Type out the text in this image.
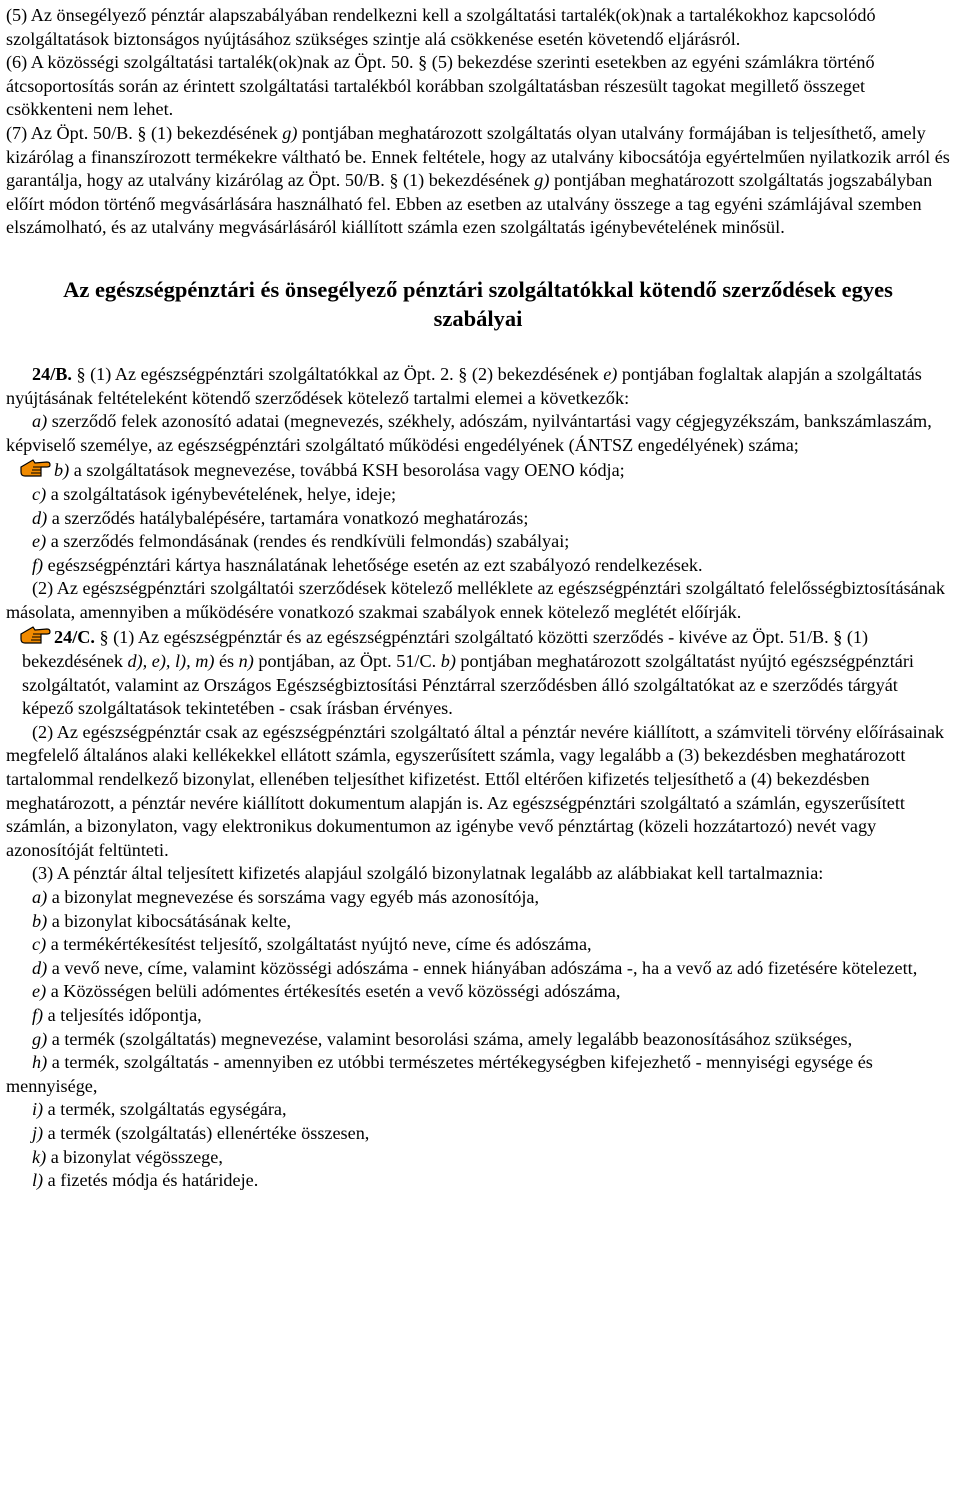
(5) Az önsegélyező pénztár alapszabályában rendelkezni kell a szolgáltatási tartalék(ok)nak a tartalékokhoz kapcsolódó szolgáltatások biztonságos nyújtásához szükséges szintje alá csökkenése esetén követendő eljárásról.

(6) A közösségi szolgáltatási tartalék(ok)nak az Öpt. 50. § (5) bekezdése szerinti esetekben az egyéni számlákra történő átcsoportosítás során az érintett szolgáltatási tartalékból korábban szolgáltatásban részesült tagokat megillető összeget csökkenteni nem lehet.

(7) Az Öpt. 50/B. § (1) bekezdésének g) pontjában meghatározott szolgáltatás olyan utalvány formájában is teljesíthető, amely kizárólag a finanszírozott termékekre váltható be. Ennek feltétele, hogy az utalvány kibocsátója egyértelműen nyilatkozik arról és garantálja, hogy az utalvány kizárólag az Öpt. 50/B. § (1) bekezdésének g) pontjában meghatározott szolgáltatás jogszabályban előírt módon történő megvásárlására használható fel. Ebben az esetben az utalvány összege a tag egyéni számlájával szemben elszámolható, és az utalvány megvásárlásáról kiállított számla ezen szolgáltatás igénybevételének minősül.

Az egészségpénztári és önsegélyező pénztári szolgáltatókkal kötendő szerződések egyes szabályai

24/B. § (1) Az egészségpénztári szolgáltatókkal az Öpt. 2. § (2) bekezdésének e) pontjában foglaltak alapján a szolgáltatás nyújtásának feltételeként kötendő szerződések kötelező tartalmi elemei a következők:

a) szerződő felek azonosító adatai (megnevezés, székhely, adószám, nyilvántartási vagy cégjegyzékszám, bankszámlaszám, képviselő személye, az egészségpénztári szolgáltató működési engedélyének (ÁNTSZ engedélyének) száma;

b) a szolgáltatások megnevezése, továbbá KSH besorolása vagy OENO kódja;

c) a szolgáltatások igénybevételének, helye, ideje;

d) a szerződés hatálybalépésére, tartamára vonatkozó meghatározás;

e) a szerződés felmondásának (rendes és rendkívüli felmondás) szabályai;

f) egészségpénztári kártya használatának lehetősége esetén az ezt szabályozó rendelkezések.

(2) Az egészségpénztári szolgáltatói szerződések kötelező melléklete az egészségpénztári szolgáltató felelősségbiztosításának másolata, amennyiben a működésére vonatkozó szakmai szabályok ennek kötelező meglétét előírják.

24/C. § (1) Az egészségpénztár és az egészségpénztári szolgáltató közötti szerződés - kivéve az Öpt. 51/B. § (1) bekezdésének d), e), l), m) és n) pontjában, az Öpt. 51/C. b) pontjában meghatározott szolgáltatást nyújtó egészségpénztári szolgáltatót, valamint az Országos Egészségbiztosítási Pénztárral szerződésben álló szolgáltatókat az e szerződés tárgyát képező szolgáltatások tekintetében - csak írásban érvényes.

(2) Az egészségpénztár csak az egészségpénztári szolgáltató által a pénztár nevére kiállított, a számviteli törvény előírásainak megfelelő általános alaki kellékekkel ellátott számla, egyszerűsített számla, vagy legalább a (3) bekezdésben meghatározott tartalommal rendelkező bizonylat, ellenében teljesíthet kifizetést. Ettől eltérően kifizetés teljesíthető a (4) bekezdésben meghatározott, a pénztár nevére kiállított dokumentum alapján is. Az egészségpénztári szolgáltató a számlán, egyszerűsített számlán, a bizonylaton, vagy elektronikus dokumentumon az igénybe vevő pénztártag (közeli hozzátartozó) nevét vagy azonosítóját feltünteti.

(3) A pénztár által teljesített kifizetés alapjául szolgáló bizonylatnak legalább az alábbiakat kell tartalmaznia:

a) a bizonylat megnevezése és sorszáma vagy egyéb más azonosítója,

b) a bizonylat kibocsátásának kelte,

c) a termékértékesítést teljesítő, szolgáltatást nyújtó neve, címe és adószáma,

d) a vevő neve, címe, valamint közösségi adószáma - ennek hiányában adószáma -, ha a vevő az adó fizetésére kötelezett,

e) a Közösségen belüli adómentes értékesítés esetén a vevő közösségi adószáma,

f) a teljesítés időpontja,

g) a termék (szolgáltatás) megnevezése, valamint besorolási száma, amely legalább beazonosításához szükséges,

h) a termék, szolgáltatás - amennyiben ez utóbbi természetes mértékegységben kifejezhető - mennyiségi egysége és mennyisége,

i) a termék, szolgáltatás egységára,

j) a termék (szolgáltatás) ellenértéke összesen,

k) a bizonylat végösszege,

l) a fizetés módja és határideje.
